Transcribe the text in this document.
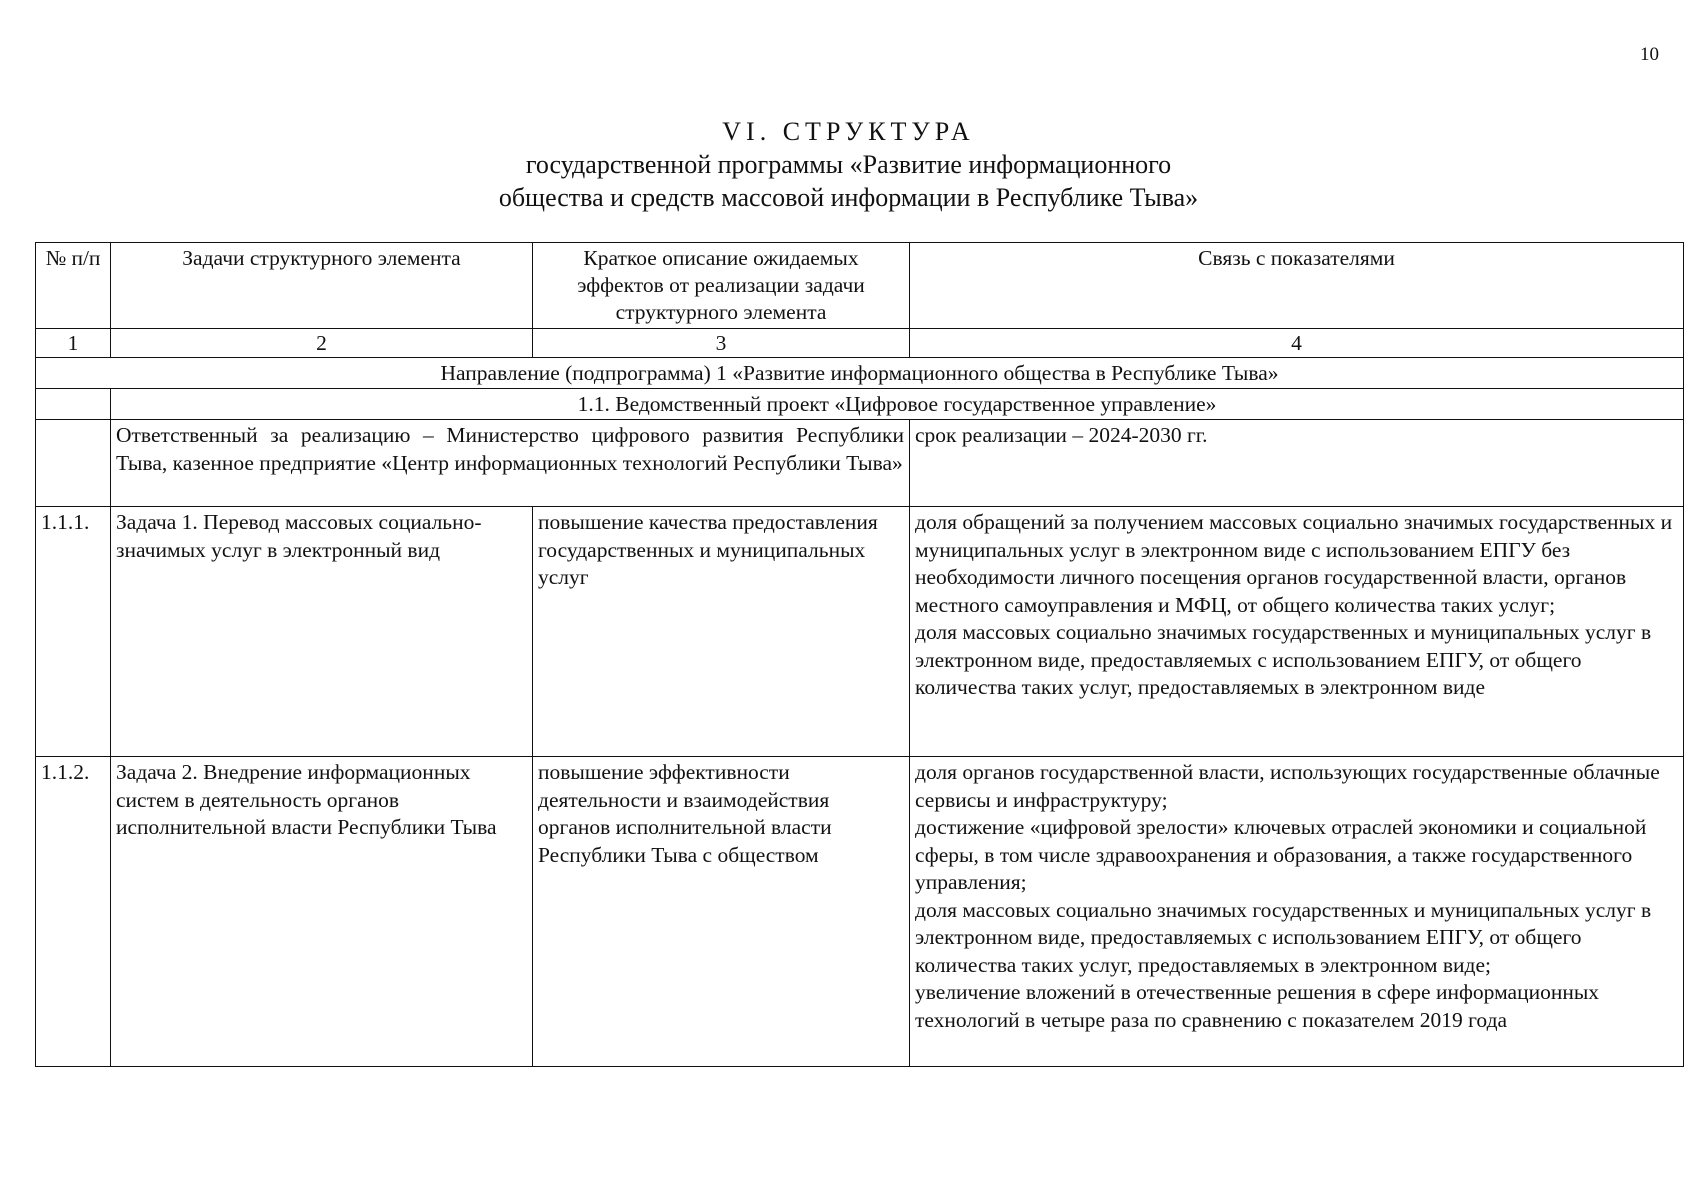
10
VI. СТРУКТУРА
государственной программы «Развитие информационного
общества и средств массовой информации в Республике Тыва»
№ п/п	Задачи структурного элемента	Краткое описание ожидаемых эффектов от реализации задачи структурного элемента	Связь с показателями
1	2	3	4
Направление (подпрограмма) 1 «Развитие информационного общества в Республике Тыва»			
	1.1. Ведомственный проект «Цифровое государственное управление»		
	Ответственный за реализацию – Министерство цифрового развития Республики Тыва, казенное предприятие «Центр информационных технологий Республики Тыва»		срок реализации – 2024-2030 гг.
1.1.1.	Задача 1. Перевод массовых социально- значимых услуг в электронный вид	повышение качества предоставления государственных и муниципальных услуг	доля обращений за получением массовых социально значимых государственных и муниципальных услуг в электронном виде с использованием ЕПГУ без необходимости личного посещения органов государственной власти, органов местного самоуправления и МФЦ, от общего количества таких услуг;
доля массовых социально значимых государственных и муниципальных услуг в электронном виде, предоставляемых с использованием ЕПГУ, от общего количества таких услуг, предоставляемых в электронном виде

1.1.2.	Задача 2. Внедрение информационных систем в деятельность органов исполнительной власти Республики Тыва	повышение эффективности деятельности и взаимодействия органов исполнительной власти Республики Тыва с обществом	доля органов государственной власти, использующих государственные облачные сервисы и инфраструктуру;
достижение «цифровой зрелости» ключевых отраслей экономики и социальной сферы, в том числе здравоохранения и образования, а также государственного управления;
доля массовых социально значимых государственных и муниципальных услуг в электронном виде, предоставляемых с использованием ЕПГУ, от общего количества таких услуг, предоставляемых в электронном виде;
увеличение вложений в отечественные решения в сфере информационных технологий в четыре раза по сравнению с показателем 2019 года
